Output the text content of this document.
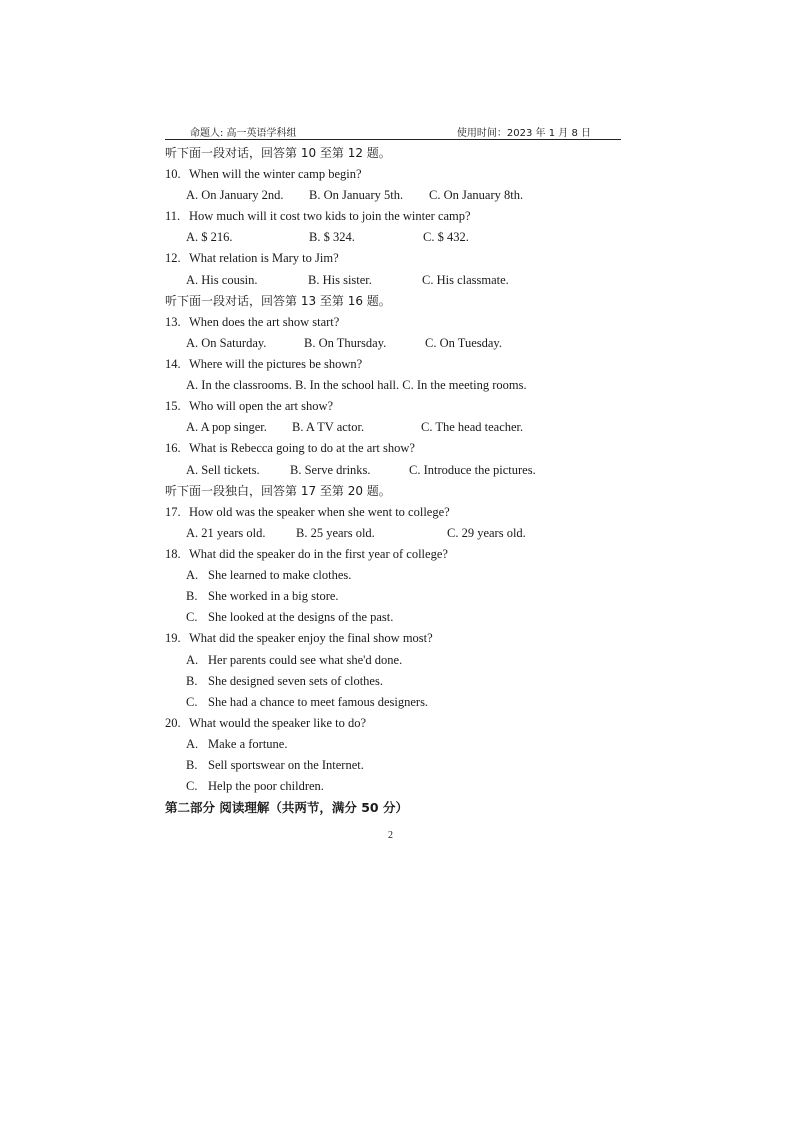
命题人: 高一英语学科组	使用时间：2023 年 1 月 8 日
听下面一段对话，回答第 10 至第 12 题。
10. When will the winter camp begin?
A. On January 2nd. B. On January 5th. C. On January 8th.
11. How much will it cost two kids to join the winter camp?
A. $ 216.	B. $ 324.	C. $ 432.
12. What relation is Mary to Jim?
A. His cousin.	B. His sister.	C. His classmate.
听下面一段对话，回答第 13 至第 16 题。
13. When does the art show start?
A. On Saturday.	B. On Thursday.	C. On Tuesday.
14. Where will the pictures be shown?
A. In the classrooms. B. In the school hall. C. In the meeting rooms.
15. Who will open the art show?
A. A pop singer. B. A TV actor.	C. The head teacher.
16. What is Rebecca going to do at the art show?
A. Sell tickets. B. Serve drinks.	C. Introduce the pictures.
听下面一段独白，回答第 17 至第 20 题。
17. How old was the speaker when she went to college?
A. 21 years old. B. 25 years old.	C. 29 years old.
18. What did the speaker do in the first year of college?
A. She learned to make clothes.
B. She worked in a big store.
C. She looked at the designs of the past.
19. What did the speaker enjoy the final show most?
A. Her parents could see what she'd done.
B. She designed seven sets of clothes.
C. She had a chance to meet famous designers.
20. What would the speaker like to do?
A. Make a fortune.
B. Sell sportswear on the Internet.
C. Help the poor children.
第二部分 阅读理解（共两节，满分 50 分）
2
